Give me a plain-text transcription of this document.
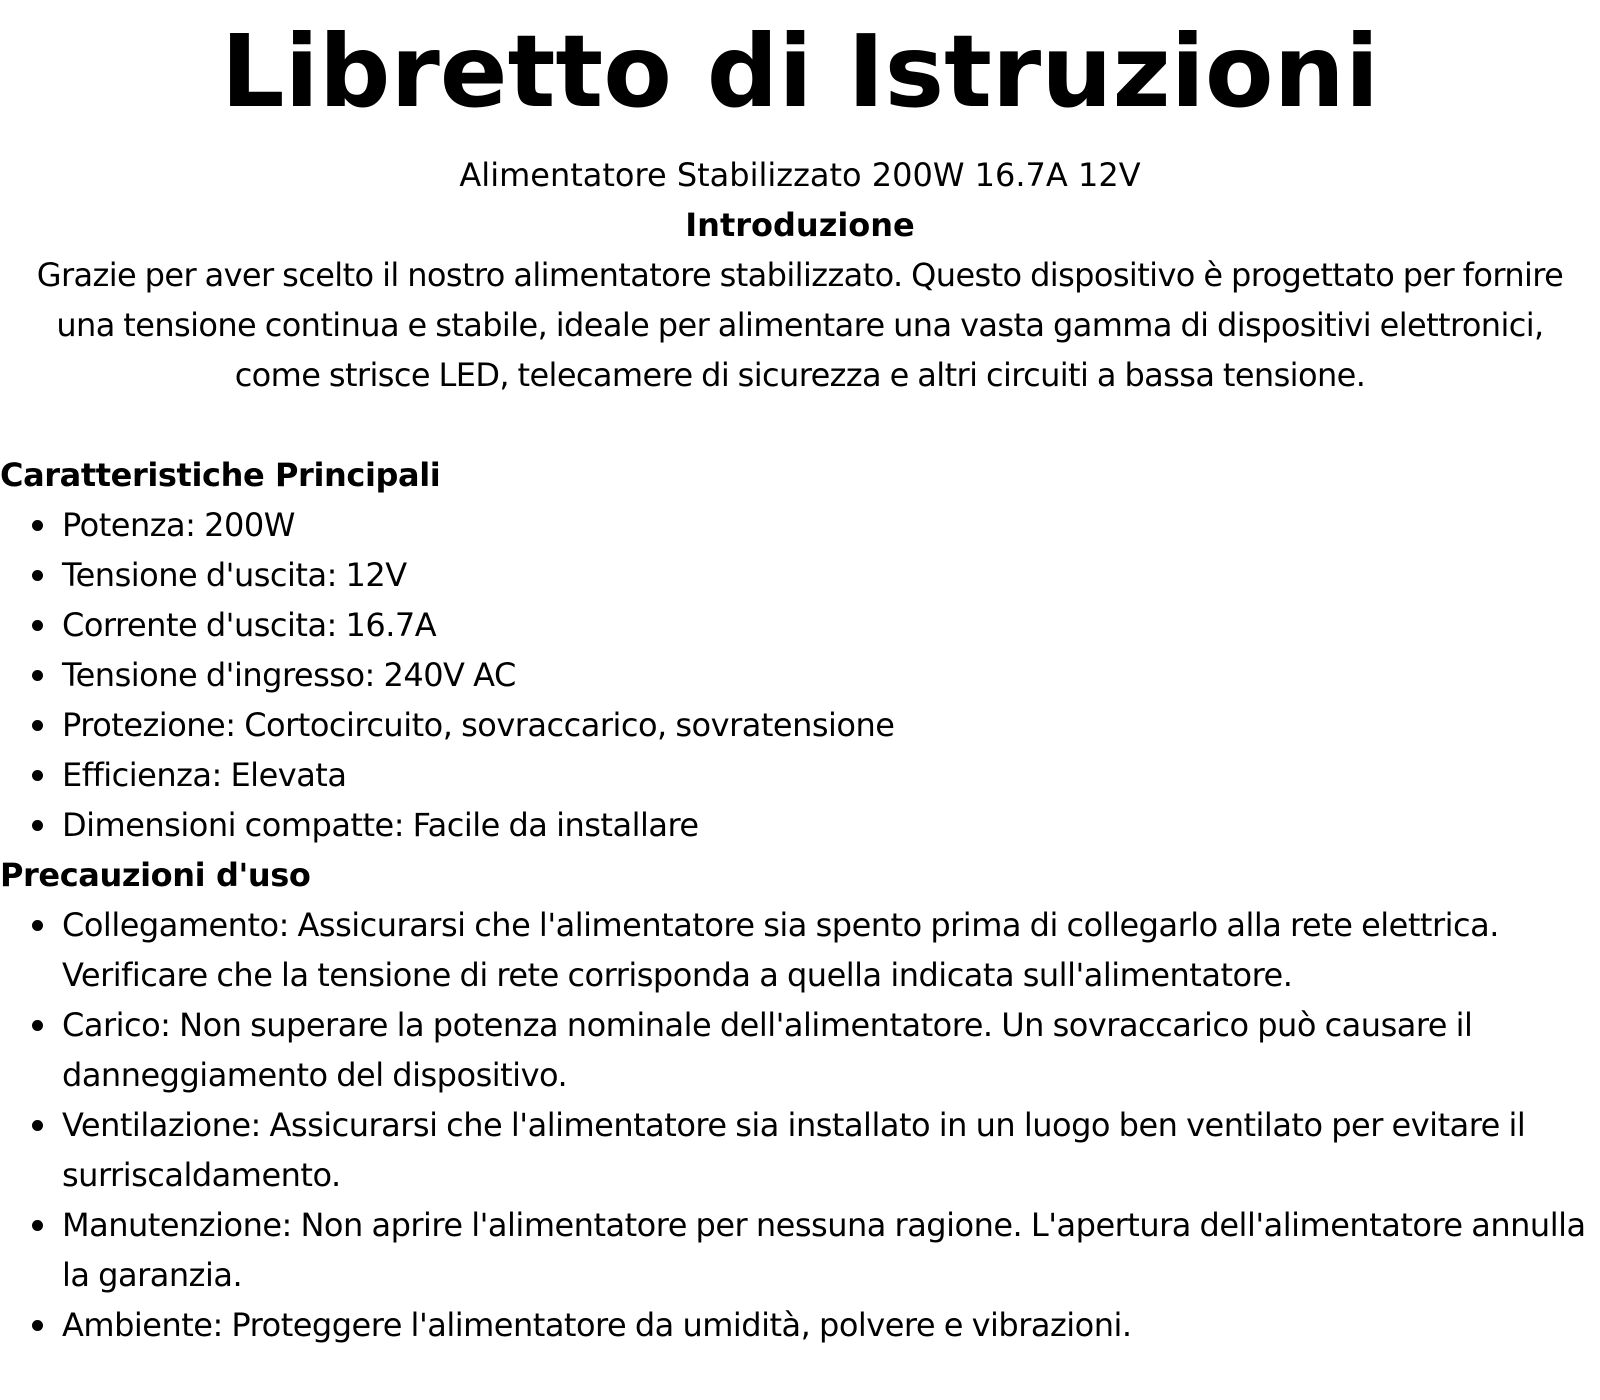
Libretto di Istruzioni

Alimentatore Stabilizzato 200W 16.7A 12V

Introduzione

Grazie per aver scelto il nostro alimentatore stabilizzato. Questo dispositivo è progettato per fornire una tensione continua e stabile, ideale per alimentare una vasta gamma di dispositivi elettronici, come strisce LED, telecamere di sicurezza e altri circuiti a bassa tensione.

Caratteristiche Principali
Potenza: 200W
Tensione d'uscita: 12V
Corrente d'uscita: 16.7A
Tensione d'ingresso: 240V AC
Protezione: Cortocircuito, sovraccarico, sovratensione
Efficienza: Elevata
Dimensioni compatte: Facile da installare
Precauzioni d'uso
Collegamento: Assicurarsi che l'alimentatore sia spento prima di collegarlo alla rete elettrica. Verificare che la tensione di rete corrisponda a quella indicata sull'alimentatore.
Carico: Non superare la potenza nominale dell'alimentatore. Un sovraccarico può causare il danneggiamento del dispositivo.
Ventilazione: Assicurarsi che l'alimentatore sia installato in un luogo ben ventilato per evitare il surriscaldamento.
Manutenzione: Non aprire l'alimentatore per nessuna ragione. L'apertura dell'alimentatore annulla la garanzia.
Ambiente: Proteggere l'alimentatore da umidità, polvere e vibrazioni.
